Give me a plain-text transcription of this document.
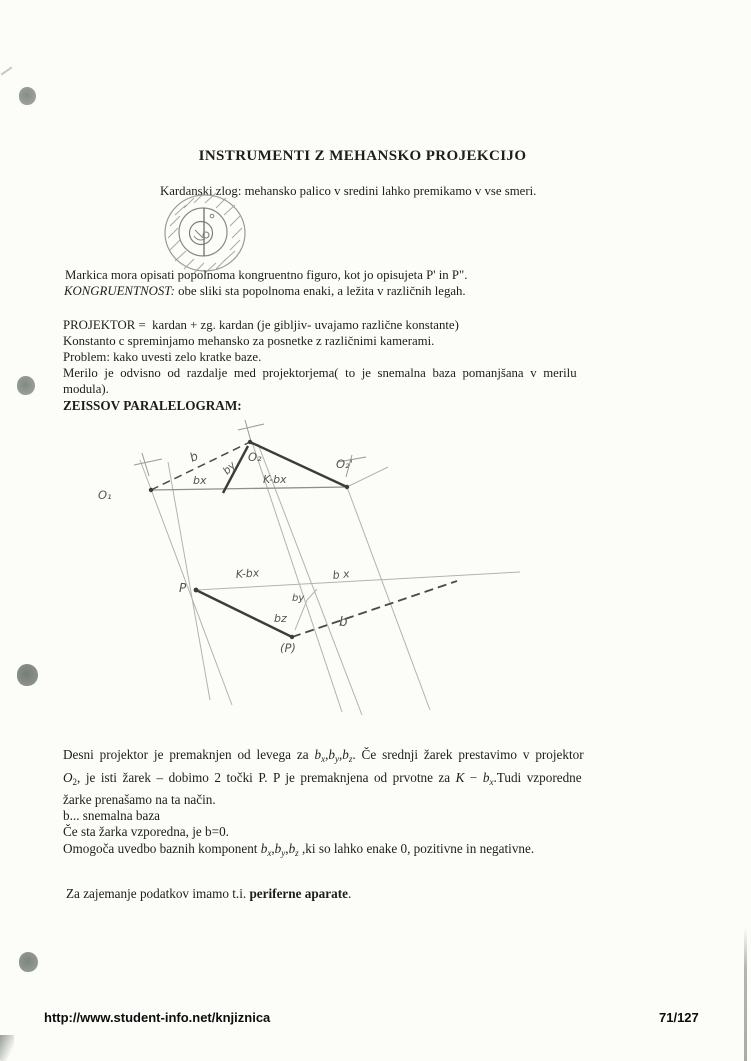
INSTRUMENTI Z MEHANSKO PROJEKCIJO
Kardanski zlog: mehansko palico v sredini lahko premikamo v vse smeri.
Markica mora opisati popolnoma kongruentno figuro, kot jo opisujeta P' in P".
KONGRUENTNOST: obe sliki sta popolnoma enaki, a ležita v različnih legah.
PROJEKTOR =  kardan + zg. kardan (je gibljiv- uvajamo različne konstante)
Konstanto c spreminjamo mehansko za posnetke z različnimi kamerami.
Problem: kako uvesti zelo kratke baze.
Merilo je odvisno od razdalje med projektorjema( to je snemalna baza pomanjšana v merilu
modula).
ZEISSOV PARALELOGRAM:
b	O₂
by
bx	K-bx
O₁
O₂'
P
K-bx	b x
by
bz	b
(P)
Desni projektor je premaknjen od levega za $b_x,b_y,b_z$. Če srednji žarek prestavimo v projektor
$O_2$, je isti žarek – dobimo 2 točki P. P je premaknjena od prvotne za $K - b_x.Tudi$ vzporedne
žarke prenašamo na ta način.
b... snemalna baza
Če sta žarka vzporedna, je b=0.
Omogoča uvedbo baznih komponent $b_x,b_y,b_z$ ,ki so lahko enake 0, pozitivne in negativne.
Za zajemanje podatkov imamo t.i. periferne aparate.
http://www.student-info.net/knjiznica	71/127
